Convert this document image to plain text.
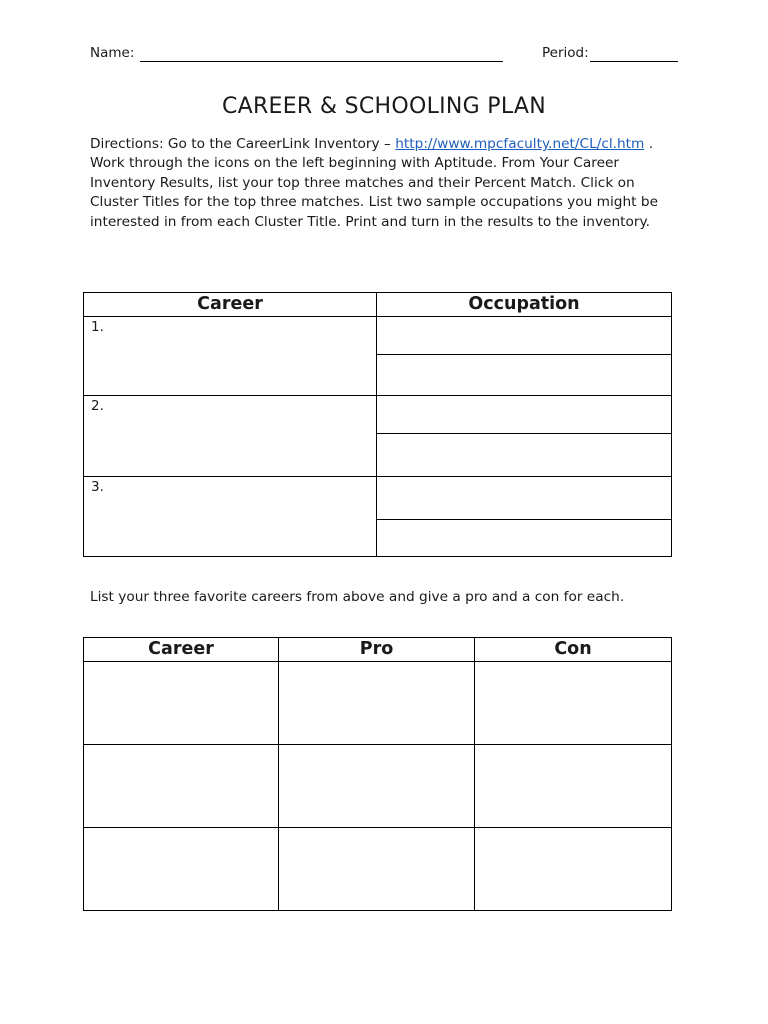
Name:	Period:
CAREER & SCHOOLING PLAN
Directions: Go to the CareerLink Inventory – http://www.mpcfaculty.net/CL/cl.htm . Work through the icons on the left beginning with Aptitude. From Your Career Inventory Results, list your top three matches and their Percent Match. Click on Cluster Titles for the top three matches. List two sample occupations you might be interested in from each Cluster Title. Print and turn in the results to the inventory.
Career	Occupation
1.	

2.	

3.	

List your three favorite careers from above and give a pro and a con for each.
Career	Pro	Con
